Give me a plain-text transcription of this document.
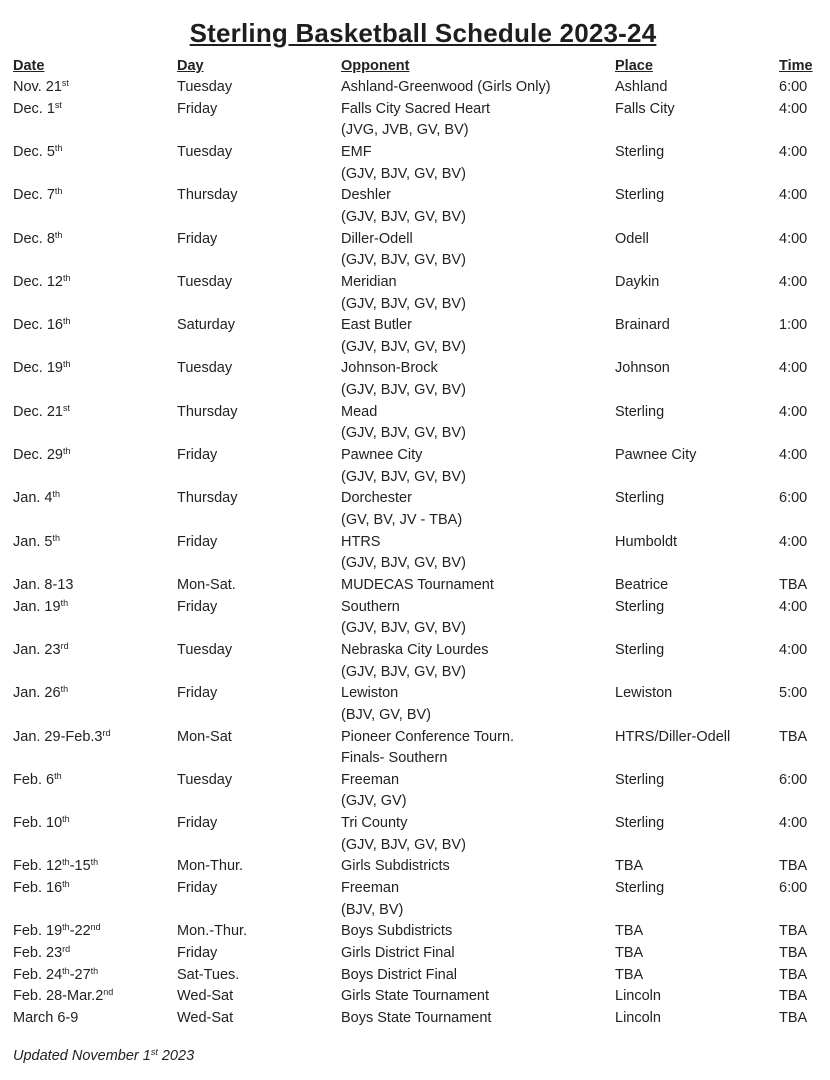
Sterling Basketball Schedule 2023-24
Date	Day	Opponent	Place	Time
Nov. 21st	Tuesday	Ashland-Greenwood (Girls Only)	Ashland	6:00
Dec. 1st	Friday	Falls City Sacred Heart	Falls City	4:00
(JVG, JVB, GV, BV)
Dec. 5th	Tuesday	EMF	Sterling	4:00
(GJV, BJV, GV, BV)
Dec. 7th	Thursday	Deshler	Sterling	4:00
(GJV, BJV, GV, BV)
Dec. 8th	Friday	Diller-Odell	Odell	4:00
(GJV, BJV, GV, BV)
Dec. 12th	Tuesday	Meridian	Daykin	4:00
(GJV, BJV, GV, BV)
Dec. 16th	Saturday	East Butler	Brainard	1:00
(GJV, BJV, GV, BV)
Dec. 19th	Tuesday	Johnson-Brock	Johnson	4:00
(GJV, BJV, GV, BV)
Dec. 21st	Thursday	Mead	Sterling	4:00
(GJV, BJV, GV, BV)
Dec. 29th	Friday	Pawnee City	Pawnee City	4:00
(GJV, BJV, GV, BV)
Jan. 4th	Thursday	Dorchester	Sterling	6:00
(GV, BV, JV - TBA)
Jan. 5th	Friday	HTRS	Humboldt	4:00
(GJV, BJV, GV, BV)
Jan. 8-13	Mon-Sat.	MUDECAS Tournament	Beatrice	TBA
Jan. 19th	Friday	Southern	Sterling	4:00
(GJV, BJV, GV, BV)
Jan. 23rd	Tuesday	Nebraska City Lourdes	Sterling	4:00
(GJV, BJV, GV, BV)
Jan. 26th	Friday	Lewiston	Lewiston	5:00
(BJV, GV, BV)
Jan. 29-Feb.3rd	Mon-Sat	Pioneer Conference Tourn.	HTRS/Diller-Odell	TBA
Finals- Southern
Feb. 6th	Tuesday	Freeman	Sterling	6:00
(GJV, GV)
Feb. 10th	Friday	Tri County	Sterling	4:00
(GJV, BJV, GV, BV)
Feb. 12th-15th	Mon-Thur.	Girls Subdistricts	TBA	TBA
Feb. 16th	Friday	Freeman	Sterling	6:00
(BJV, BV)
Feb. 19th-22nd	Mon.-Thur.	Boys Subdistricts	TBA	TBA
Feb. 23rd	Friday	Girls District Final	TBA	TBA
Feb. 24th-27th	Sat-Tues.	Boys District Final	TBA	TBA
Feb. 28-Mar.2nd	Wed-Sat	Girls State Tournament	Lincoln	TBA
March 6-9	Wed-Sat	Boys State Tournament	Lincoln	TBA
Updated November 1st 2023
